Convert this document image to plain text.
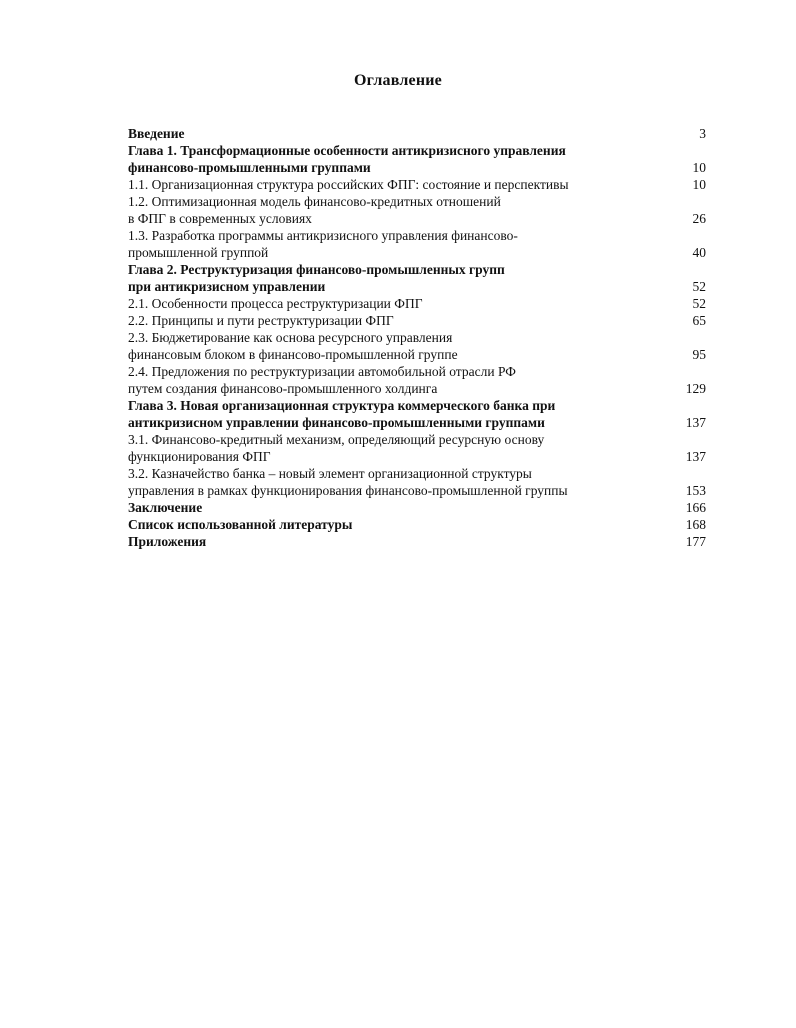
Оглавление
Введение	3
Глава 1. Трансформационные особенности антикризисного управления
финансово-промышленными группами	10
1.1. Организационная структура российских ФПГ: состояние и перспективы	10
1.2. Оптимизационная модель финансово-кредитных отношений
в ФПГ в современных условиях	26
1.3. Разработка программы антикризисного управления финансово-
промышленной группой	40
Глава 2. Реструктуризация финансово-промышленных групп
при антикризисном управлении	52
2.1. Особенности процесса реструктуризации ФПГ	52
2.2. Принципы и пути реструктуризации ФПГ	65
2.3. Бюджетирование как основа ресурсного управления
финансовым блоком в финансово-промышленной группе	95
2.4. Предложения по реструктуризации автомобильной отрасли РФ
путем создания финансово-промышленного холдинга	129
Глава 3. Новая организационная структура коммерческого банка при
антикризисном управлении финансово-промышленными группами	137
3.1. Финансово-кредитный механизм, определяющий ресурсную основу
функционирования ФПГ	137
3.2. Казначейство банка – новый элемент организационной структуры
управления в рамках функционирования финансово-промышленной группы	153
Заключение	166
Список использованной литературы	168
Приложения	177
